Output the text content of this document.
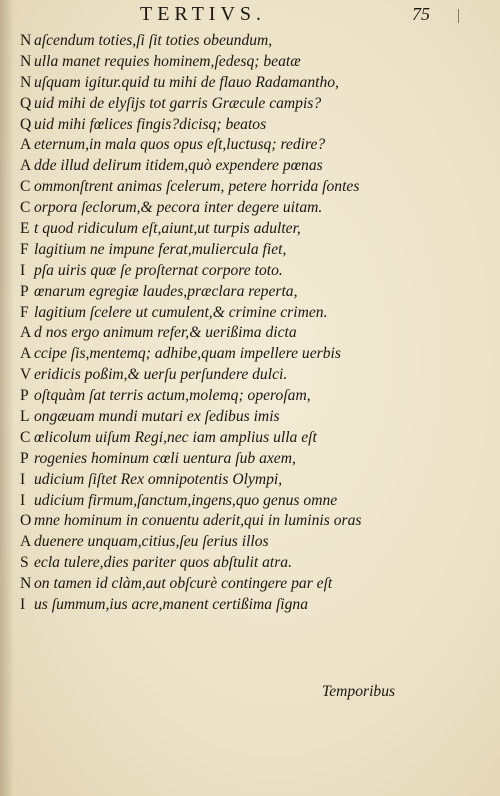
TERTIVS.	75
N aſcendum toties,ſi ſit toties obeundum,
N ulla manet requies hominem,ſedesq; beatæ
N uſquam igitur.quid tu mihi de flauo Radamantho,
Q uid mihi de elyſijs tot garris Græcule campis?
Q uid mihi fœlices fingis?dicisq; beatos
A eternum,in mala quos opus eſt,luctusq; redire?
A dde illud delirum itidem,quò expendere pœnas
C ommonſtrent animas ſcelerum, petere horrida ſontes
C orpora ſeclorum,& pecora inter degere uitam.
E t quod ridiculum eſt,aiunt,ut turpis adulter,
F lagitium ne impune ferat,muliercula fiet,
I pſa uiris quæ ſe proſternat corpore toto.
P œnarum egregiæ laudes,præclara reperta,
F lagitium ſcelere ut cumulent,& crimine crimen.
A d nos ergo animum refer,& uerißima dicta
A ccipe ſis,mentemq; adhibe,quam impellere uerbis
V eridicis poßim,& uerſu perſundere dulci.
P oſtquàm ſat terris actum,molemq; operoſam,
L ongæuam mundi mutari ex ſedibus imis
C œlicolum uiſum Regi,nec iam amplius ulla eſt
P rogenies hominum cœli uentura ſub axem,
I udicium ſiſtet Rex omnipotentis Olympi,
I udicium firmum,ſanctum,ingens,quo genus omne
O mne hominum in conuentu aderit,qui in luminis oras
A duenere unquam,citius,ſeu ſerius illos
S ecla tulere,dies pariter quos abſtulit atra.
N on tamen id clàm,aut obſcurè contingere par eſt
I us ſummum,ius acre,manent certißima ſigna
Temporibus
